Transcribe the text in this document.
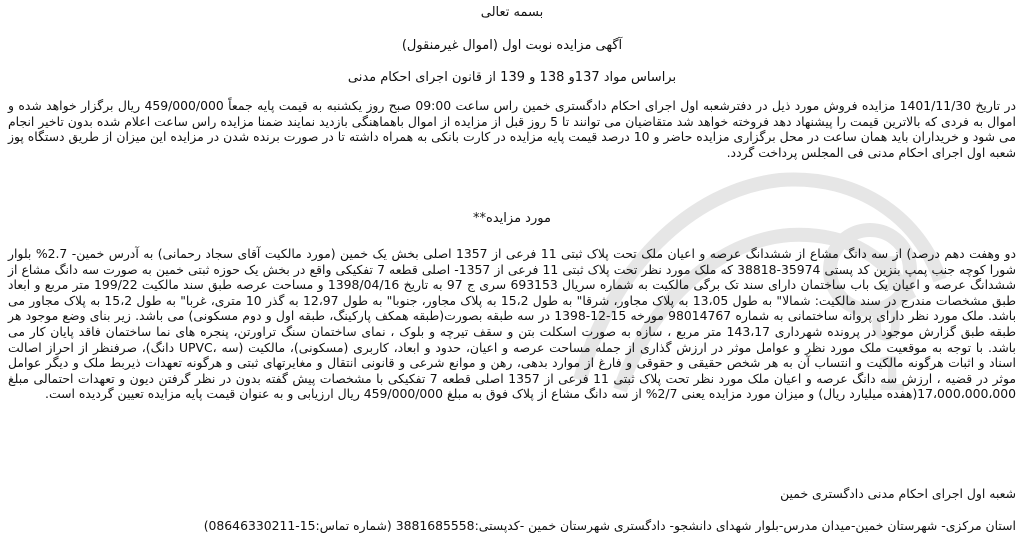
1
0
1
بسمه تعالی
آگهی مزایده نوبت اول (اموال غیرمنقول)
براساس مواد 137و 138 و 139 از قانون اجرای احکام مدنی
در تاریخ 1401/11/30 مزایده فروش مورد ذیل در دفترشعبه اول اجرای احکام دادگستری خمین راس ساعت 09:00 صبح روز یکشنبه به قیمت پایه جمعاً 459/000/000 ریال برگزار خواهد شده و اموال به فردی که بالاترین قیمت را پیشنهاد دهد فروخته خواهد شد متقاضیان می توانند تا 5 روز قبل از مزایده از اموال باهماهنگی بازدید نمایند ضمنا مزایده راس ساعت اعلام شده بدون تاخیر انجام می شود و خریداران باید همان ساعت در محل برگزاری مزایده حاضر و 10 درصد قیمت پایه مزایده در کارت بانکی به همراه داشته تا در صورت برنده شدن در مزایده این میزان از طریق دستگاه پوز شعبه اول اجرای احکام مدنی فی المجلس پرداخت گردد.
مورد مزایده**
دو وهفت دهم درصد) از سه دانگ مشاع از ششدانگ عرصه و اعیان ملک تحت پلاک ثبتی 11 فرعی از 1357 اصلی بخش یک خمین (مورد مالکیت آقای سجاد رحمانی) به آدرس خمین- 2.7% بلوار شورا کوچه جنب پمپ بنزین کد پستی 35974-38818 که ملک مورد نظر تحت پلاک ثبتی 11 فرعی از 1357- اصلی قطعه 7 تفکیکی واقع در بخش یک حوزه ثبتی خمین به صورت سه دانگ مشاع از ششدانگ عرصه و اعیان یک باب ساختمان دارای سند تک برگی مالکیت به شماره سریال 693153 سری ج 97 به تاریخ 1398/04/16 و مساحت عرصه طبق سند مالکیت 199/22 متر مربع و ابعاد طبق مشخصات مندرج در سند مالکیت: شمالا" به طول 13،05 به پلاک مجاور، شرقا" به طول 15،2 به پلاک مجاور، جنوبا" به طول 12،97 به گذر 10 متری، غربا" به طول 15،2 به پلاک مجاور می باشد. ملک مورد نظر دارای پروانه ساختمانی به شماره 98014767 مورخه 15-12-1398 در سه طبقه بصورت(طبقه همکف پارکینگ، طبقه اول و دوم مسکونی) می باشد. زیر بنای وضع موجود هر طبقه طبق گزارش موجود در پرونده شهرداری 143،17 متر مربع ، سازه به صورت اسکلت بتن و سقف تیرچه و بلوک ، نمای ساختمان سنگ تراورتن، پنجره های نما ساختمان فاقد پایان کار می باشد. با توجه به موقعیت ملک مورد نظر و عوامل موثر در ارزش گذاری از جمله مساحت عرصه و اعیان، حدود و ابعاد، کاربری (مسکونی)، مالکیت (سه ،UPVC دانگ)، صرفنظر از احراز اصالت اسناد و اثبات هرگونه مالکیت و انتساب آن به هر شخص حقیقی و حقوقی و فارغ از موارد بدهی، رهن و موانع شرعی و قانونی انتقال و مغایرتهای ثبتی و هرگونه تعهدات ذیربط ملک و دیگر عوامل موثر در قضیه ، ارزش سه دانگ عرصه و اعیان ملک مورد نظر تحت پلاک ثبتی 11 فرعی از 1357 اصلی قطعه 7 تفکیکی با مشخصات پیش گفته بدون در نظر گرفتن دیون و تعهدات احتمالی مبلغ 17،000،000،000(هفده میلیارد ریال) و میزان مورد مزایده یعنی 2/7% از سه دانگ مشاع از پلاک فوق به مبلغ 459/000/000 ریال ارزیابی و به عنوان قیمت پایه مزایده تعیین گردیده است.
شعبه اول اجرای احکام مدنی دادگستری خمین
استان مرکزی- شهرستان خمین-میدان مدرس-بلوار شهدای دانشجو- دادگستری شهرستان خمین -کدپستی:3881685558 (شماره تماس:15-08646330211)
